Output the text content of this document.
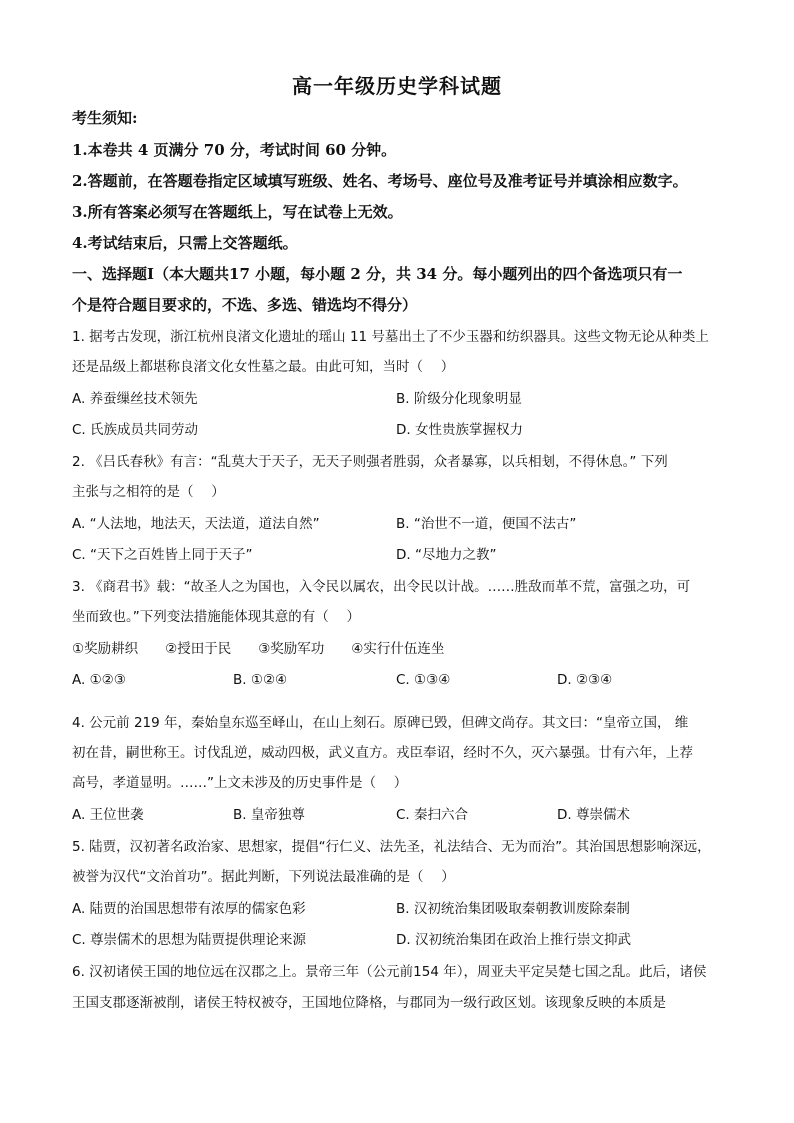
高一年级历史学科试题
考生须知:
1.本卷共 4 页满分 70 分，考试时间 60 分钟。
2.答题前，在答题卷指定区域填写班级、姓名、考场号、座位号及准考证号并填涂相应数字。
3.所有答案必须写在答题纸上，写在试卷上无效。
4.考试结束后，只需上交答题纸。
一、选择题Ⅰ（本大题共17 小题，每小题 2 分，共 34 分。每小题列出的四个备选项只有一
个是符合题目要求的，不选、多选、错选均不得分）
1. 据考古发现，浙江杭州良渚文化遗址的瑶山 11 号墓出土了不少玉器和纺织器具。这些文物无论从种类上
还是品级上都堪称良渚文化女性墓之最。由此可知，当时（　 ）
A. 养蚕缫丝技术领先	B. 阶级分化现象明显
C. 氏族成员共同劳动	D. 女性贵族掌握权力
2. 《吕氏春秋》有言：“乱莫大于天子，无天子则强者胜弱，众者暴寡，以兵相刬，不得休息。” 下列
主张与之相符的是（　 ）
A. “人法地，地法天，天法道，道法自然”	B. “治世不一道，便国不法古”
C. “天下之百姓皆上同于天子”	D. “尽地力之教”
3. 《商君书》载：“故圣人之为国也，入令民以属农，出令民以计战。……胜敌而革不荒，富强之功，可
坐而致也。”下列变法措施能体现其意的有（　 ）
①奖励耕织　　②授田于民　　③奖励军功　　④实行什伍连坐
A. ①②③	B. ①②④	C. ①③④	D. ②③④
4. 公元前 219 年，秦始皇东巡至峄山，在山上刻石。原碑已毁，但碑文尚存。其文曰：“皇帝立国， 维
初在昔，嗣世称王。讨伐乱逆，威动四极，武义直方。戎臣奉诏，经时不久，灭六暴强。廿有六年，上荐
高号，孝道显明。……”上文未涉及的历史事件是（　 ）
A. 王位世袭	B. 皇帝独尊	C. 秦扫六合	D. 尊崇儒术
5. 陆贾，汉初著名政治家、思想家，提倡“行仁义、法先圣，礼法结合、无为而治”。其治国思想影响深远，
被誉为汉代“文治首功”。据此判断，下列说法最准确的是（　 ）
A. 陆贾的治国思想带有浓厚的儒家色彩	B. 汉初统治集团吸取秦朝教训废除秦制
C. 尊崇儒术的思想为陆贾提供理论来源	D. 汉初统治集团在政治上推行崇文抑武
6. 汉初诸侯王国的地位远在汉郡之上。景帝三年（公元前154 年），周亚夫平定吴楚七国之乱。此后，诸侯
王国支郡逐渐被削，诸侯王特权被夺，王国地位降格，与郡同为一级行政区划。该现象反映的本质是
